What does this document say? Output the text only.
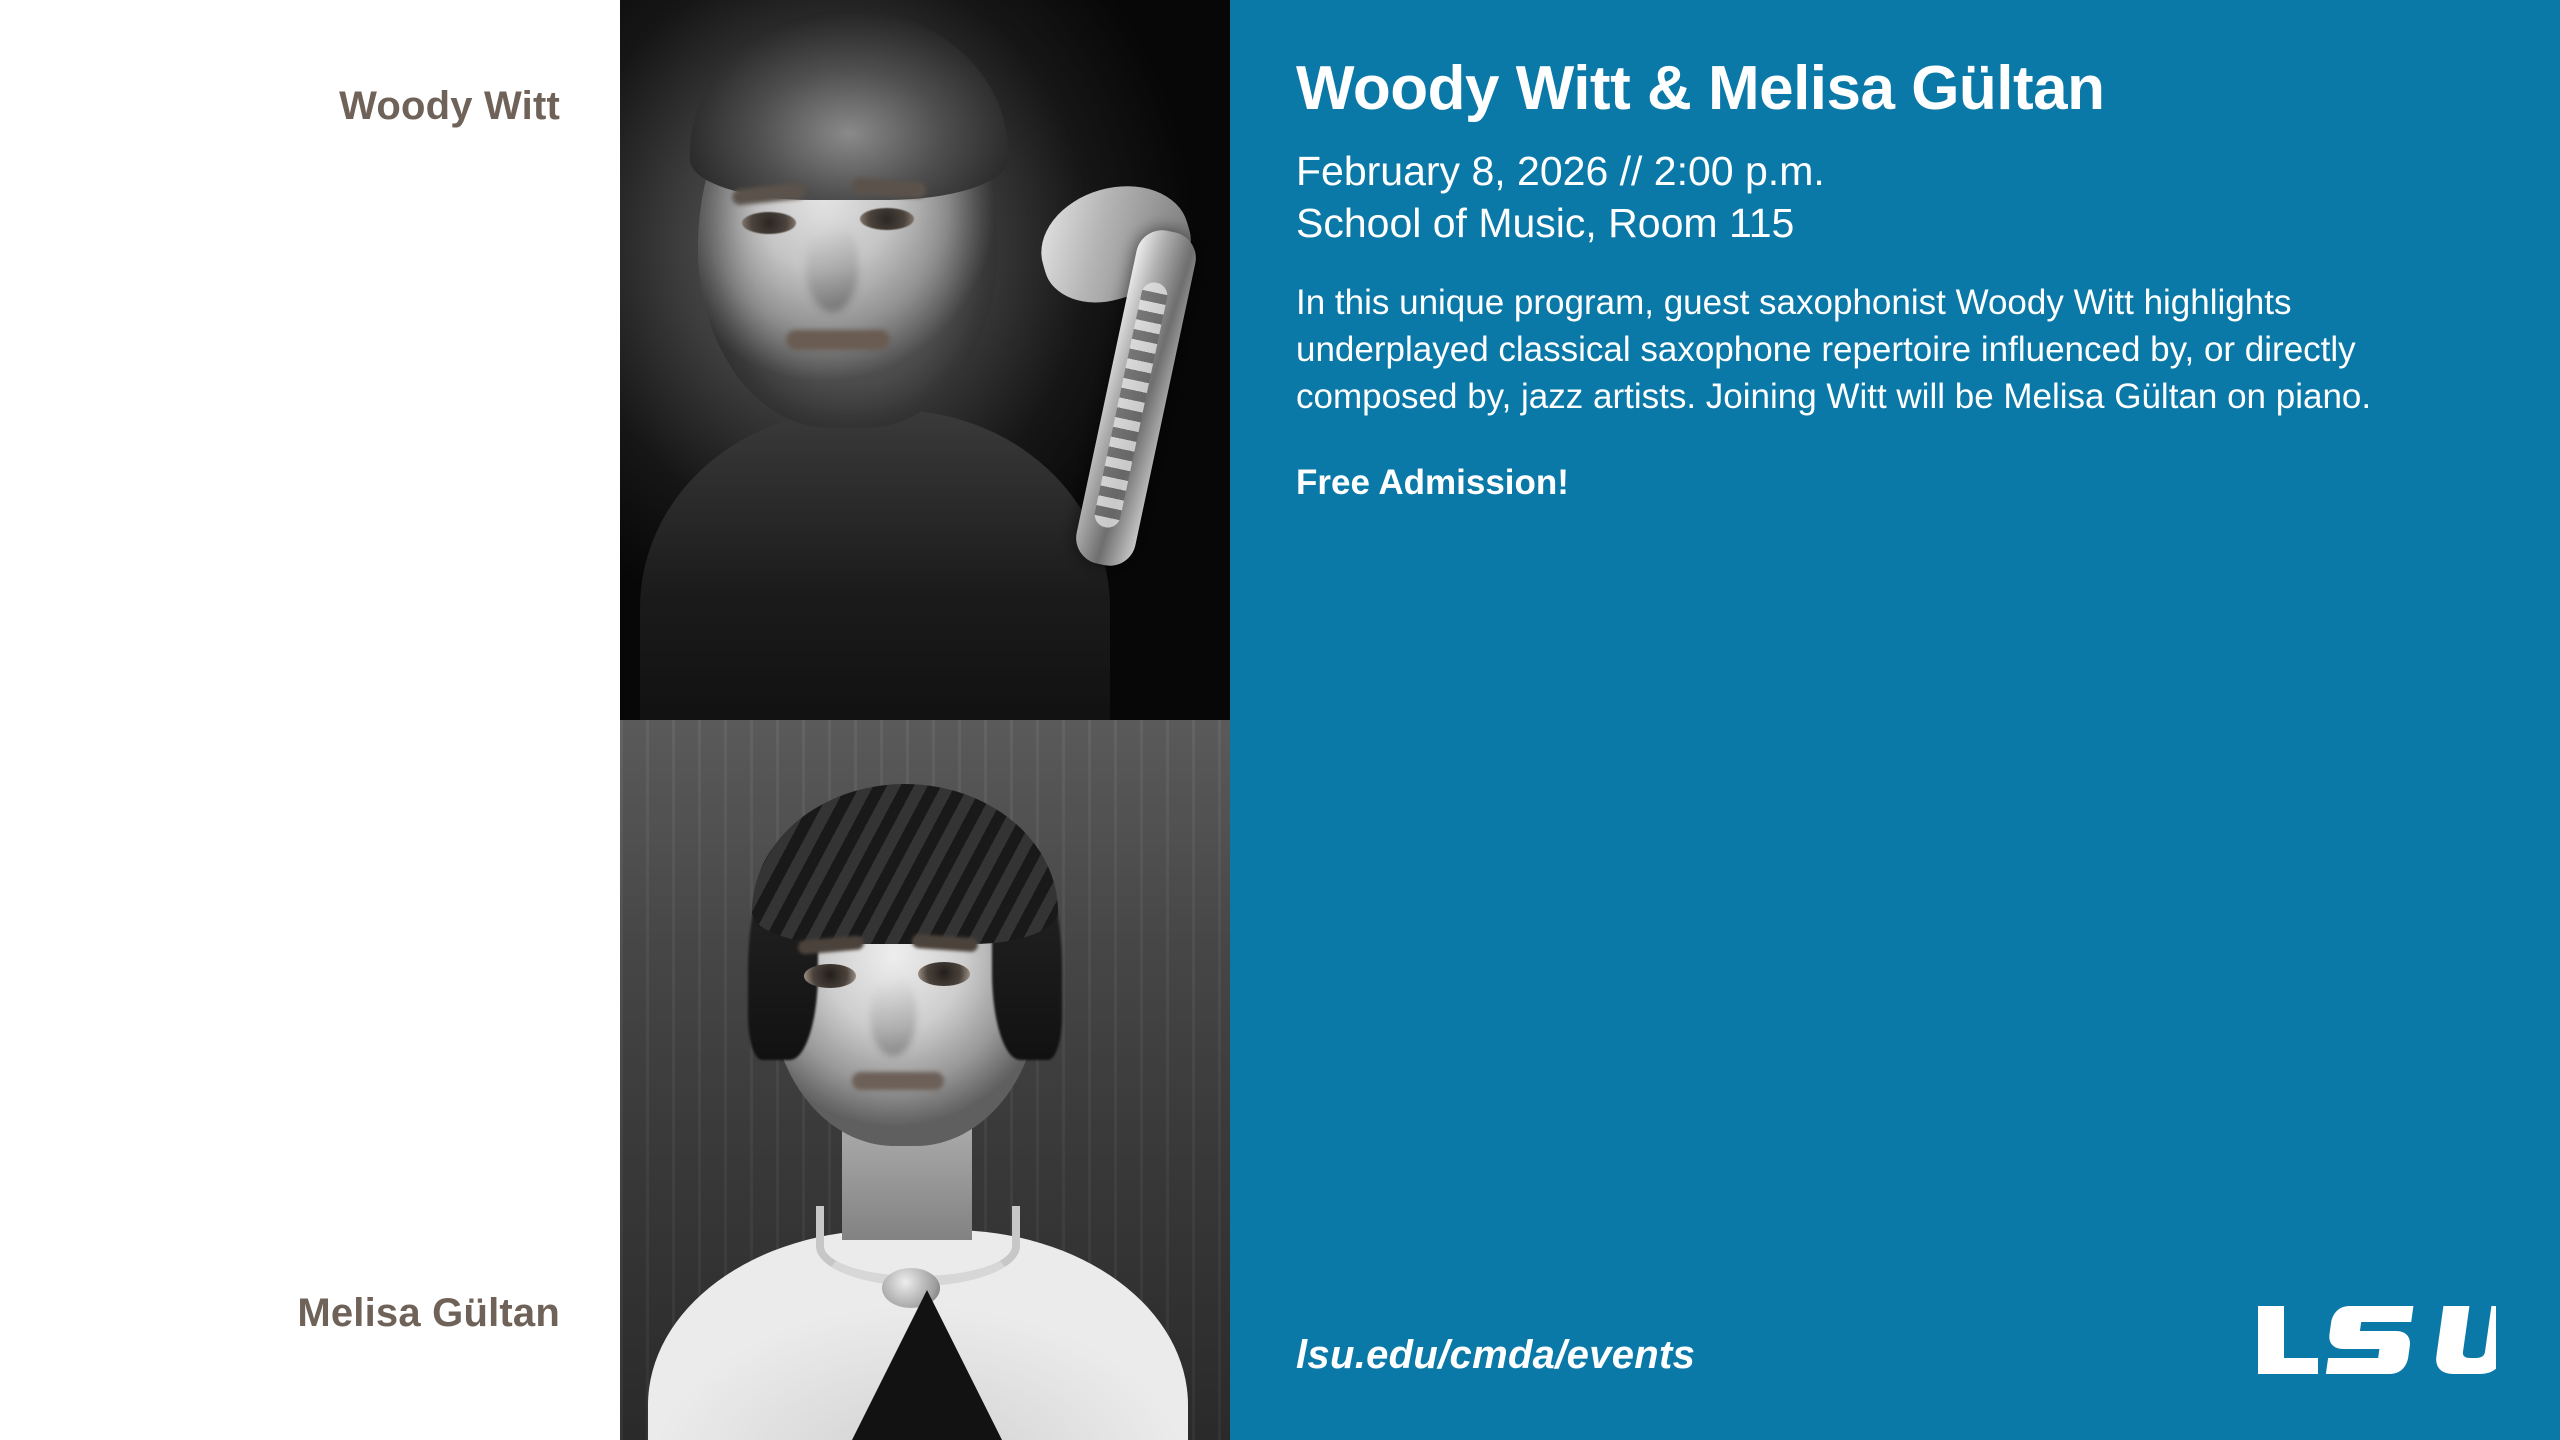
Woody Witt
Melisa Gültan
Woody Witt & Melisa Gültan
February 8, 2026 // 2:00 p.m.
School of Music, Room 115

In this unique program, guest saxophonist Woody Witt highlights underplayed classical saxophone repertoire influenced by, or directly composed by, jazz artists. Joining Witt will be Melisa Gültan on piano.

Free Admission!

lsu.edu/cmda/events
